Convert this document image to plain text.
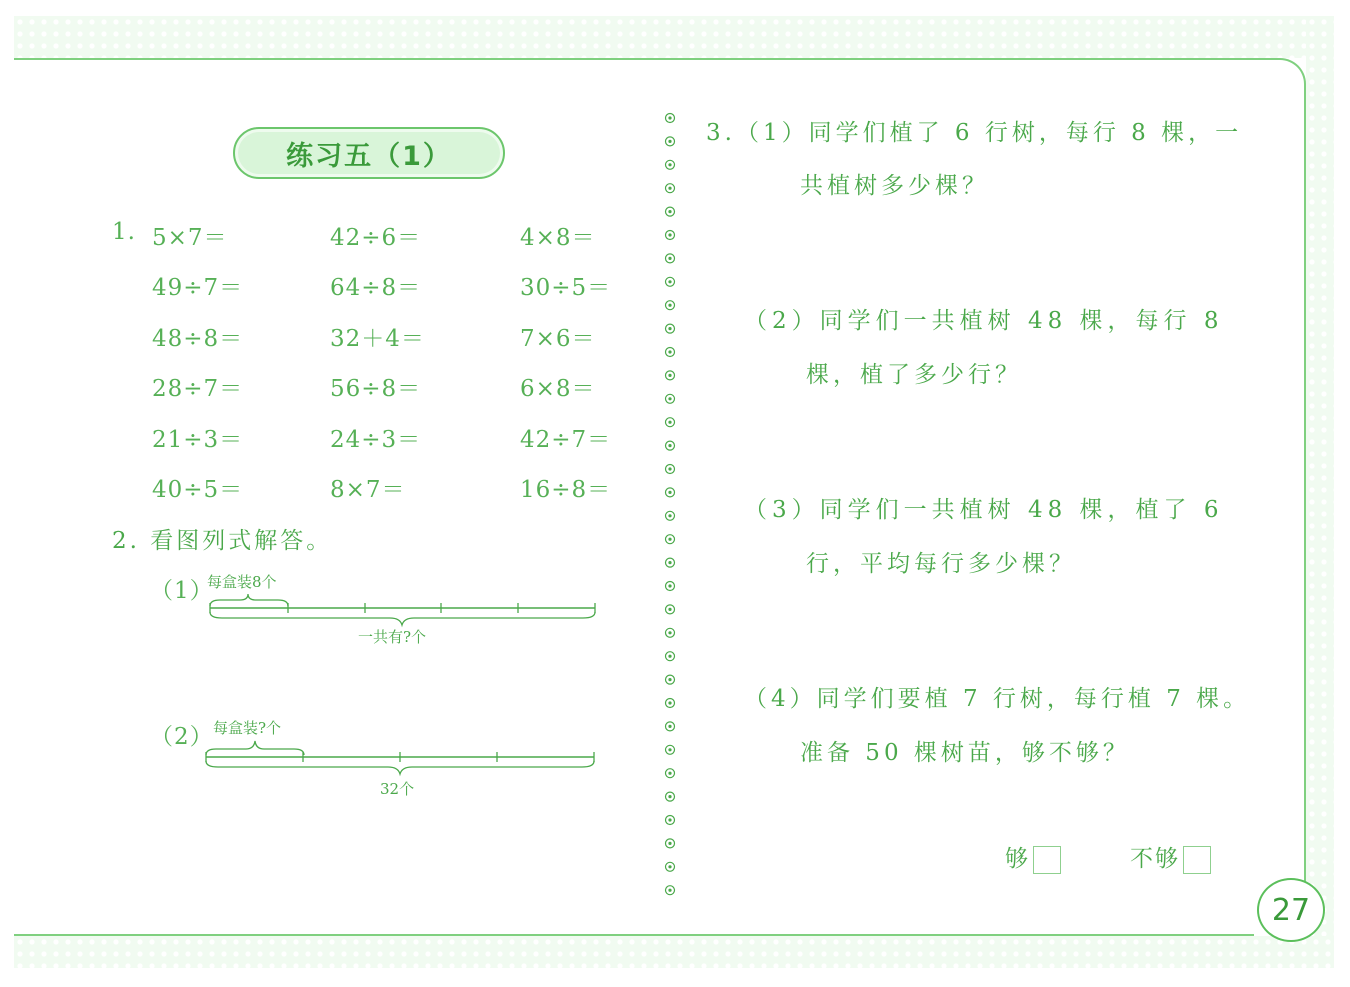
练习五（1）
1. 5×7＝	42÷6＝	4×8＝
49÷7＝	64÷8＝	30÷5＝
48÷8＝	32＋4＝	7×6＝
28÷7＝	56÷8＝	6×8＝
21÷3＝	24÷3＝	42÷7＝
40÷5＝	8×7＝	16÷8＝
2. 看图列式解答。
（1）
每盒装8个
一共有?个
（2） 每盒装?个
32个
3.（1）同学们植了 6 行树，每行 8 棵，一
共植树多少棵？
（2）同学们一共植树 48 棵，每行 8
棵，植了多少行？
（3）同学们一共植树 48 棵，植了 6
行，平均每行多少棵？
（4）同学们要植 7 行树，每行植 7 棵。
准备 50 棵树苗，够不够？
够	不够
27
